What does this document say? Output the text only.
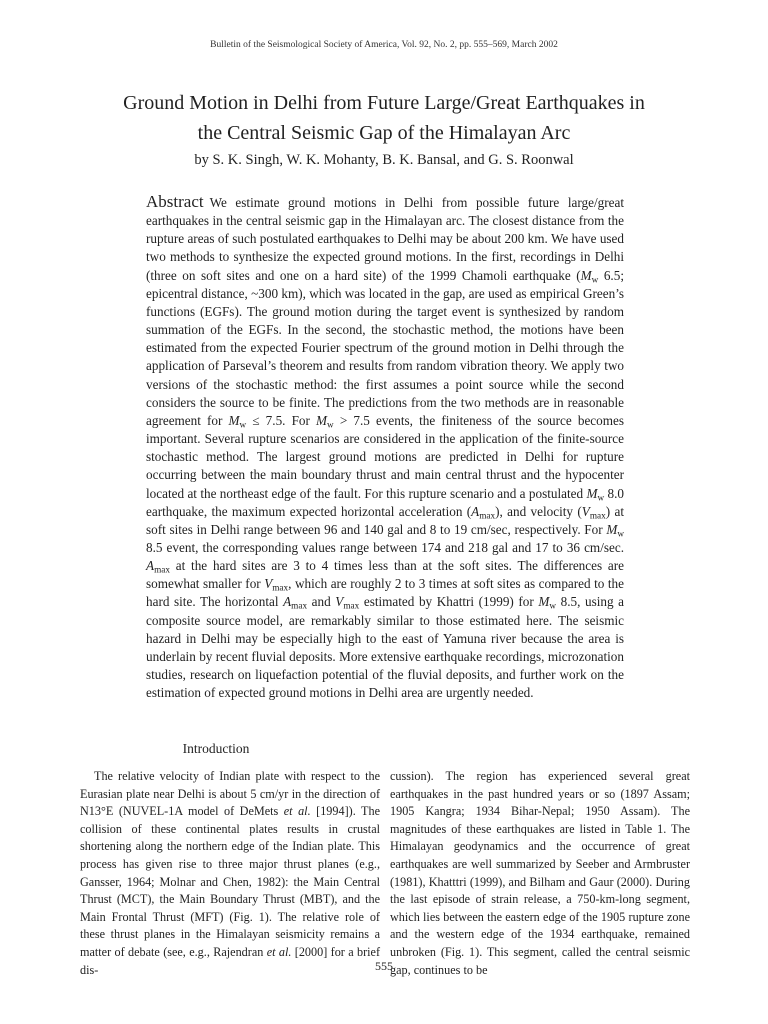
Bulletin of the Seismological Society of America, Vol. 92, No. 2, pp. 555–569, March 2002
Ground Motion in Delhi from Future Large/Great Earthquakes in
the Central Seismic Gap of the Himalayan Arc
by S. K. Singh, W. K. Mohanty, B. K. Bansal, and G. S. Roonwal
Abstract We estimate ground motions in Delhi from possible future large/great earthquakes in the central seismic gap in the Himalayan arc. The closest distance from the rupture areas of such postulated earthquakes to Delhi may be about 200 km. We have used two methods to synthesize the expected ground motions. In the first, recordings in Delhi (three on soft sites and one on a hard site) of the 1999 Chamoli earthquake ($M_w$ 6.5; epicentral distance, ~300 km), which was located in the gap, are used as empirical Green’s functions (EGFs). The ground motion during the target event is synthesized by random summation of the EGFs. In the second, the stochastic method, the motions have been estimated from the expected Fourier spectrum of the ground motion in Delhi through the application of Parseval’s theorem and results from random vibration theory. We apply two versions of the stochastic method: the first assumes a point source while the second considers the source to be finite. The predictions from the two methods are in reasonable agreement for $M_w \le 7.5$. For $M_w > 7.5$ events, the finiteness of the source becomes important. Several rupture scenarios are considered in the application of the finite-source stochastic method. The largest ground motions are predicted in Delhi for rupture occurring between the main boundary thrust and main central thrust and the hypocenter located at the northeast edge of the fault. For this rupture scenario and a postulated $M_w$ 8.0 earthquake, the maximum expected horizontal acceleration $(A_{max})$, and velocity $(V_{max})$ at soft sites in Delhi range between 96 and 140 gal and 8 to 19 cm/sec, respectively. For $M_w$ 8.5 event, the corresponding values range between 174 and 218 gal and 17 to 36 cm/sec. $A_{max}$ at the hard sites are 3 to 4 times less than at the soft sites. The differences are somewhat smaller for $V_{max}$, which are roughly 2 to 3 times at soft sites as compared to the hard site. The horizontal $A_{max}$ and $V_{max}$ estimated by Khattri (1999) for $M_w$ 8.5, using a composite source model, are remarkably similar to those estimated here. The seismic hazard in Delhi may be especially high to the east of Yamuna river because the area is underlain by recent fluvial deposits. More extensive earthquake recordings, microzonation studies, research on liquefaction potential of the fluvial deposits, and further work on the estimation of expected ground motions in Delhi area are urgently needed.
Introduction

The relative velocity of Indian plate with respect to the Eurasian plate near Delhi is about 5 cm/yr in the direction of N13°E (NUVEL-1A model of DeMets et al. [1994]). The collision of these continental plates results in crustal shortening along the northern edge of the Indian plate. This process has given rise to three major thrust planes (e.g., Gansser, 1964; Molnar and Chen, 1982): the Main Central Thrust (MCT), the Main Boundary Thrust (MBT), and the Main Frontal Thrust (MFT) (Fig. 1). The relative role of these thrust planes in the Himalayan seismicity remains a matter of debate (see, e.g., Rajendran et al. [2000] for a brief dis-

cussion). The region has experienced several great earthquakes in the past hundred years or so (1897 Assam; 1905 Kangra; 1934 Bihar-Nepal; 1950 Assam). The magnitudes of these earthquakes are listed in Table 1. The Himalayan geodynamics and the occurrence of great earthquakes are well summarized by Seeber and Armbruster (1981), Khatttri (1999), and Bilham and Gaur (2000). During the last episode of strain release, a 750-km-long segment, which lies between the eastern edge of the 1905 rupture zone and the western edge of the 1934 earthquake, remained unbroken (Fig. 1). This segment, called the central seismic gap, continues to be

555
